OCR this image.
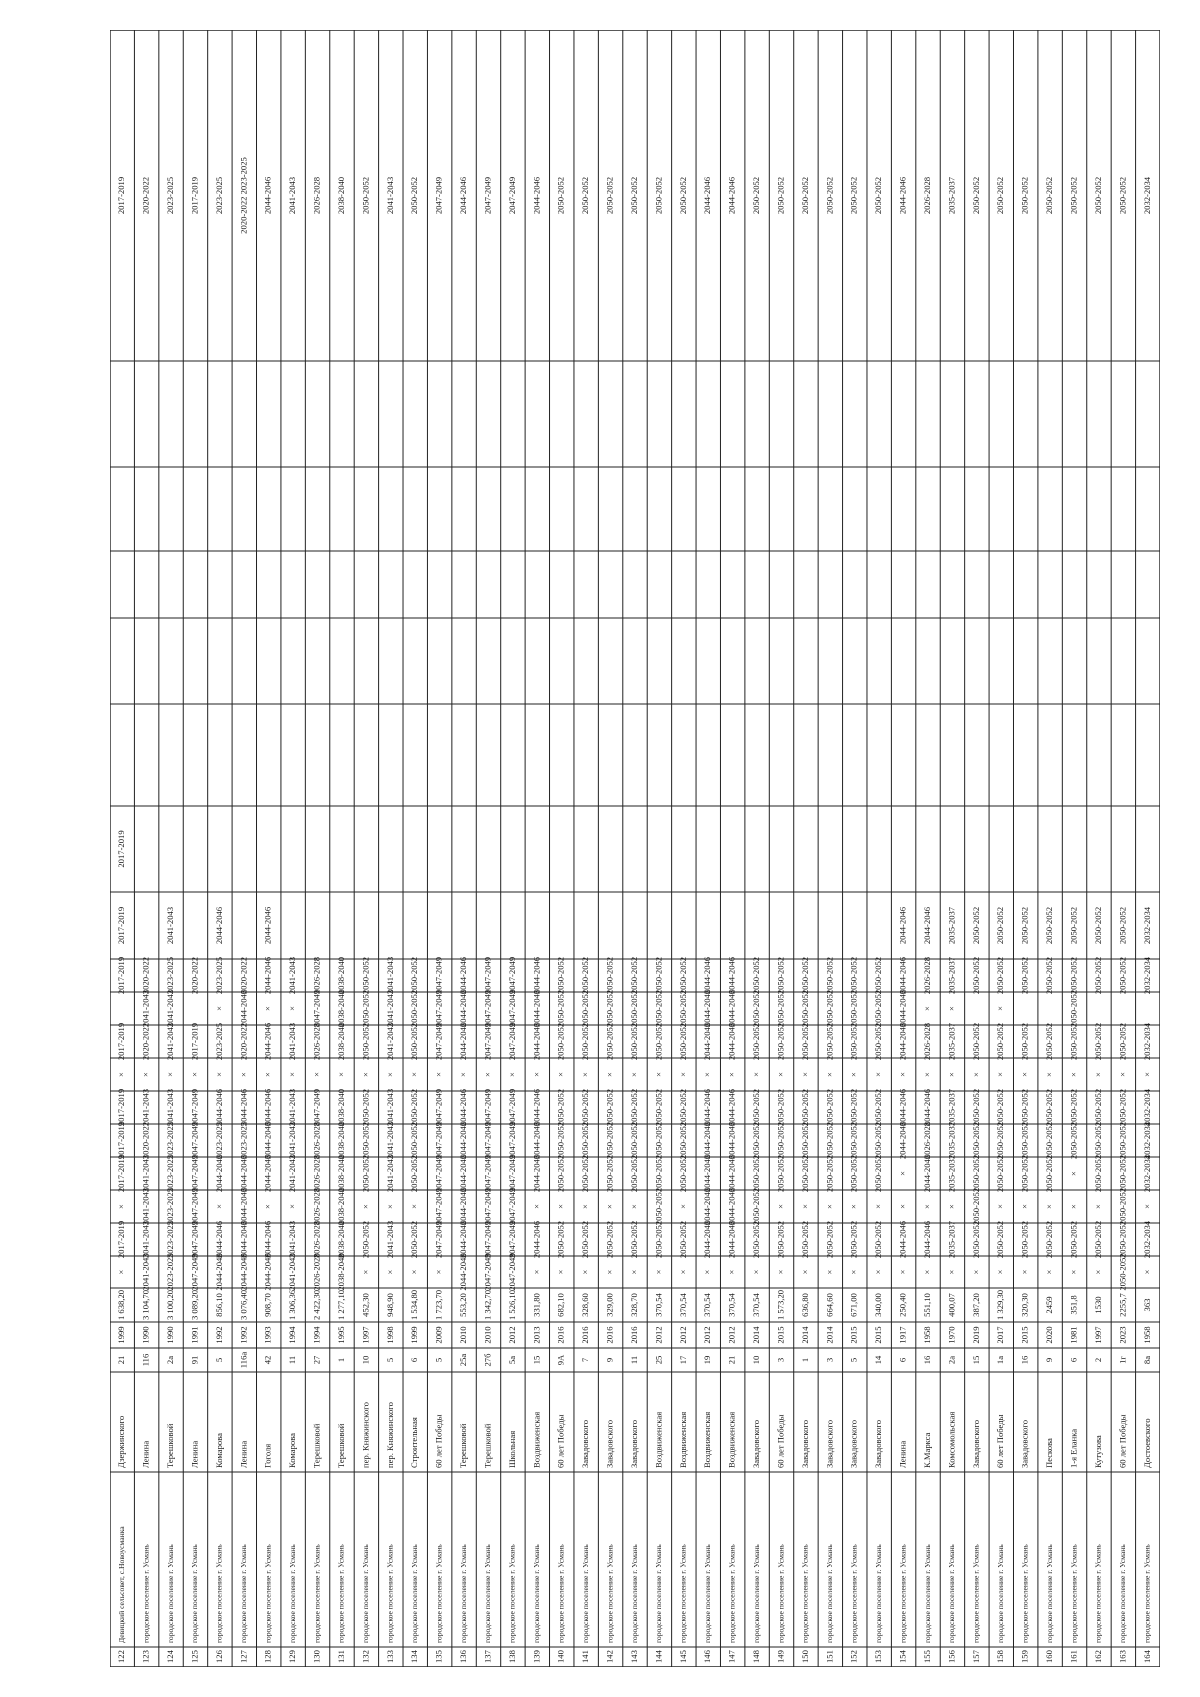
122
Девицкий сельсовет, с.Новоусманка
Дзержинского
21
1999
1 638,20
×
2017-2019
×
2017-2019
2017-2019
2017-2019
×
2017-2019
2017-2019
2017-2019
2017-2019
2017-2019
123
городское поселение г. Усмань
Ленина
116
1990
3 104,70
2041-2043
2041-2043
2041-2043
2041-2043
2020-2022
2041-2043
×
2020-2022
2041-2043
2020-2022
2020-2022
124
городское поселение г. Усмань
Терешковой
2а
1990
3 100,20
2023-2025
2023-2025
2023-2025
2023-2025
2023-2025
2041-2043
×
2041-2043
2041-2043
2023-2025
2041-2043
2023-2025
125
городское поселение г. Усмань
Ленина
91
1991
3 089,20
2047-2049
2047-2049
2047-2049
2047-2049
2047-2049
2047-2049
×
2017-2019
2020-2022
2017-2019
126
городское поселение г. Усмань
Комарова
5
1992
856,10
2044-2046
2044-2046
×
2044-2046
2023-2025
2044-2046
×
2023-2025
×
2023-2025
2044-2046
2023-2025
127
городское поселение г. Усмань
Ленина
116а
1992
3 076,40
2044-2046
2044-2046
2044-2046
2044-2046
2023-2025
2044-2046
×
2020-2022
2044-2046
2020-2022
2020-2022 2023-2025
128
городское поселение г. Усмань
Гоголя
42
1993
908,70
2044-2046
2044-2046
×
2044-2046
2044-2046
2044-2046
×
2044-2046
×
2044-2046
2044-2046
2044-2046
129
городское поселение г. Усмань
Комарова
11
1994
1 306,36
2041-2043
2041-2043
×
2041-2043
2041-2043
2041-2043
×
2041-2043
×
2041-2043
2041-2043
130
городское поселение г. Усмань
Терешковой
27
1994
2 422,30
2026-2028
2026-2028
2026-2028
2026-2028
2026-2028
2047-2049
×
2026-2028
2047-2049
2026-2028
2026-2028
131
городское поселение г. Усмань
Терешковой
1
1995
1 277,10
2038-2040
2038-2040
2038-2040
2038-2040
2038-2040
2038-2040
×
2038-2040
2038-2040
2038-2040
2038-2040
132
городское поселение г. Усмань
пер. Княжинского
10
1997
452,30
×
2050-2052
×
2050-2052
2050-2052
2050-2052
×
2050-2052
2050-2052
2050-2052
2050-2052
133
городское поселение г. Усмань
пер. Княжинского
5
1998
948,90
×
2041-2043
×
2041-2043
2041-2043
2041-2043
×
2041-2043
2041-2043
2041-2043
2041-2043
134
городское поселение г. Усмань
Строительная
6
1999
1 534,80
×
2050-2052
×
2050-2052
2050-2052
2050-2052
×
2050-2052
2050-2052
2050-2052
2050-2052
135
городское поселение г. Усмань
60 лет Победы
5
2009
1 723,70
×
2047-2049
2047-2049
2047-2049
2047-2049
2047-2049
×
2047-2049
2047-2049
2047-2049
2047-2049
136
городское поселение г. Усмань
Терешковой
25а
2010
553,20
2044-2046
2044-2046
2044-2046
2044-2046
2044-2046
2044-2046
×
2044-2046
2044-2046
2044-2046
2044-2046
137
городское поселение г. Усмань
Терешковой
27б
2010
1 342,70
2047-2049
2047-2049
2047-2049
2047-2049
2047-2049
2047-2049
×
2047-2049
2047-2049
2047-2049
2047-2049
138
городское поселение г. Усмань
Школьная
5а
2012
1 526,10
2047-2049
2047-2049
2047-2049
2047-2049
2047-2049
2047-2049
×
2047-2049
2047-2049
2047-2049
2047-2049
139
городское поселение г. Усмань
Воздвиженская
15
2013
331,80
×
2044-2046
×
2044-2046
2044-2046
2044-2046
×
2044-2046
2044-2046
2044-2046
2044-2046
140
городское поселение г. Усмань
60 лет Победы
9А
2016
682,10
×
2050-2052
×
2050-2052
2050-2052
2050-2052
×
2050-2052
2050-2052
2050-2052
2050-2052
141
городское поселение г. Усмань
Завадовского
7
2016
328,60
×
2050-2052
×
2050-2052
2050-2052
2050-2052
×
2050-2052
2050-2052
2050-2052
2050-2052
142
городское поселение г. Усмань
Завадовского
9
2016
329,00
×
2050-2052
×
2050-2052
2050-2052
2050-2052
×
2050-2052
2050-2052
2050-2052
2050-2052
143
городское поселение г. Усмань
Завадовского
11
2016
328,70
×
2050-2052
×
2050-2052
2050-2052
2050-2052
×
2050-2052
2050-2052
2050-2052
2050-2052
144
городское поселение г. Усмань
Воздвиженская
25
2012
370,54
×
2050-2052
2050-2052
2050-2052
2050-2052
2050-2052
×
2050-2052
2050-2052
2050-2052
2050-2052
145
городское поселение г. Усмань
Воздвиженская
17
2012
370,54
×
2050-2052
×
2050-2052
2050-2052
2050-2052
×
2050-2052
2050-2052
2050-2052
2050-2052
146
городское поселение г. Усмань
Воздвиженская
19
2012
370,54
×
2044-2046
2044-2046
2044-2046
2044-2046
2044-2046
×
2044-2046
2044-2046
2044-2046
2044-2046
147
городское поселение г. Усмань
Воздвиженская
21
2012
370,54
×
2044-2046
2044-2046
2044-2046
2044-2046
2044-2046
×
2044-2046
2044-2046
2044-2046
2044-2046
148
городское поселение г. Усмань
Завадовского
10
2014
370,54
×
2050-2052
2050-2052
2050-2052
2050-2052
2050-2052
×
2050-2052
2050-2052
2050-2052
2050-2052
149
городское поселение г. Усмань
60 лет Победы
3
2015
1 573,20
×
2050-2052
×
2050-2052
2050-2052
2050-2052
×
2050-2052
2050-2052
2050-2052
2050-2052
150
городское поселение г. Усмань
Завадовского
1
2014
636,80
×
2050-2052
×
2050-2052
2050-2052
2050-2052
×
2050-2052
2050-2052
2050-2052
2050-2052
151
городское поселение г. Усмань
Завадовского
3
2014
664,60
×
2050-2052
×
2050-2052
2050-2052
2050-2052
×
2050-2052
2050-2052
2050-2052
2050-2052
152
городское поселение г. Усмань
Завадовского
5
2015
671,00
×
2050-2052
×
2050-2052
2050-2052
2050-2052
×
2050-2052
2050-2052
2050-2052
2050-2052
153
городское поселение г. Усмань
Завадовского
14
2015
340,00
×
2050-2052
×
2050-2052
2050-2052
2050-2052
×
2050-2052
2050-2052
2050-2052
2050-2052
154
городское поселение г. Усмань
Ленина
6
1917
250,40
×
2044-2046
×
×
2044-2046
2044-2046
×
2044-2046
2044-2046
2044-2046
2044-2046
2044-2046
155
городское поселение г. Усмань
К.Маркса
16
1958
551,10
×
2044-2046
×
2044-2046
2026-2028
2044-2046
×
2026-2028
×
2026-2028
2044-2046
2026-2028
156
городское поселение г. Усмань
Комсомольская
2а
1970
400,07
×
2035-2037
×
2035-2037
2035-2037
2035-2037
×
2035-2037
×
2035-2037
2035-2037
2035-2037
157
городское поселение г. Усмань
Завадовского
15
2019
387,20
×
2050-2052
2050-2052
2050-2052
2050-2052
2050-2052
×
2050-2052
2050-2052
2050-2052
2050-2052
158
городское поселение г. Усмань
60 лет Победы
1а
2017
1 329,30
×
2050-2052
×
2050-2052
2050-2052
2050-2052
×
2050-2052
×
2050-2052
2050-2052
2050-2052
159
городское поселение г. Усмань
Завадовского
16
2015
320,30
×
2050-2052
×
2050-2052
2050-2052
2050-2052
×
2050-2052
2050-2052
2050-2052
2050-2052
160
городское поселение г. Усмань
Пескова
9
2020
2459
×
2050-2052
×
2050-2052
2050-2052
2050-2052
×
2050-2052
2050-2052
2050-2052
2050-2052
161
городское поселение г. Усмань
1-я Еланка
6
1981
351,8
×
2050-2052
×
×
2050-2052
2050-2052
×
2050-2052
2050-2052
2050-2052
2050-2052
2050-2052
162
городское поселение г. Усмань
Кутузова
2
1997
1530
×
2050-2052
×
2050-2052
2050-2052
2050-2052
×
2050-2052
2050-2052
2050-2052
2050-2052
163
городское поселение г. Усмань
60 лет Победы
1г
2023
2255,7
2050-2052
2050-2052
2050-2052
2050-2052
2050-2052
2050-2052
×
2050-2052
2050-2052
2050-2052
2050-2052
164
городское поселение г. Усмань
Достоевского
8а
1958
363
×
2032-2034
×
2032-2034
2032-2034
2032-2034
×
2032-2034
2032-2034
2032-2034
2032-2034
